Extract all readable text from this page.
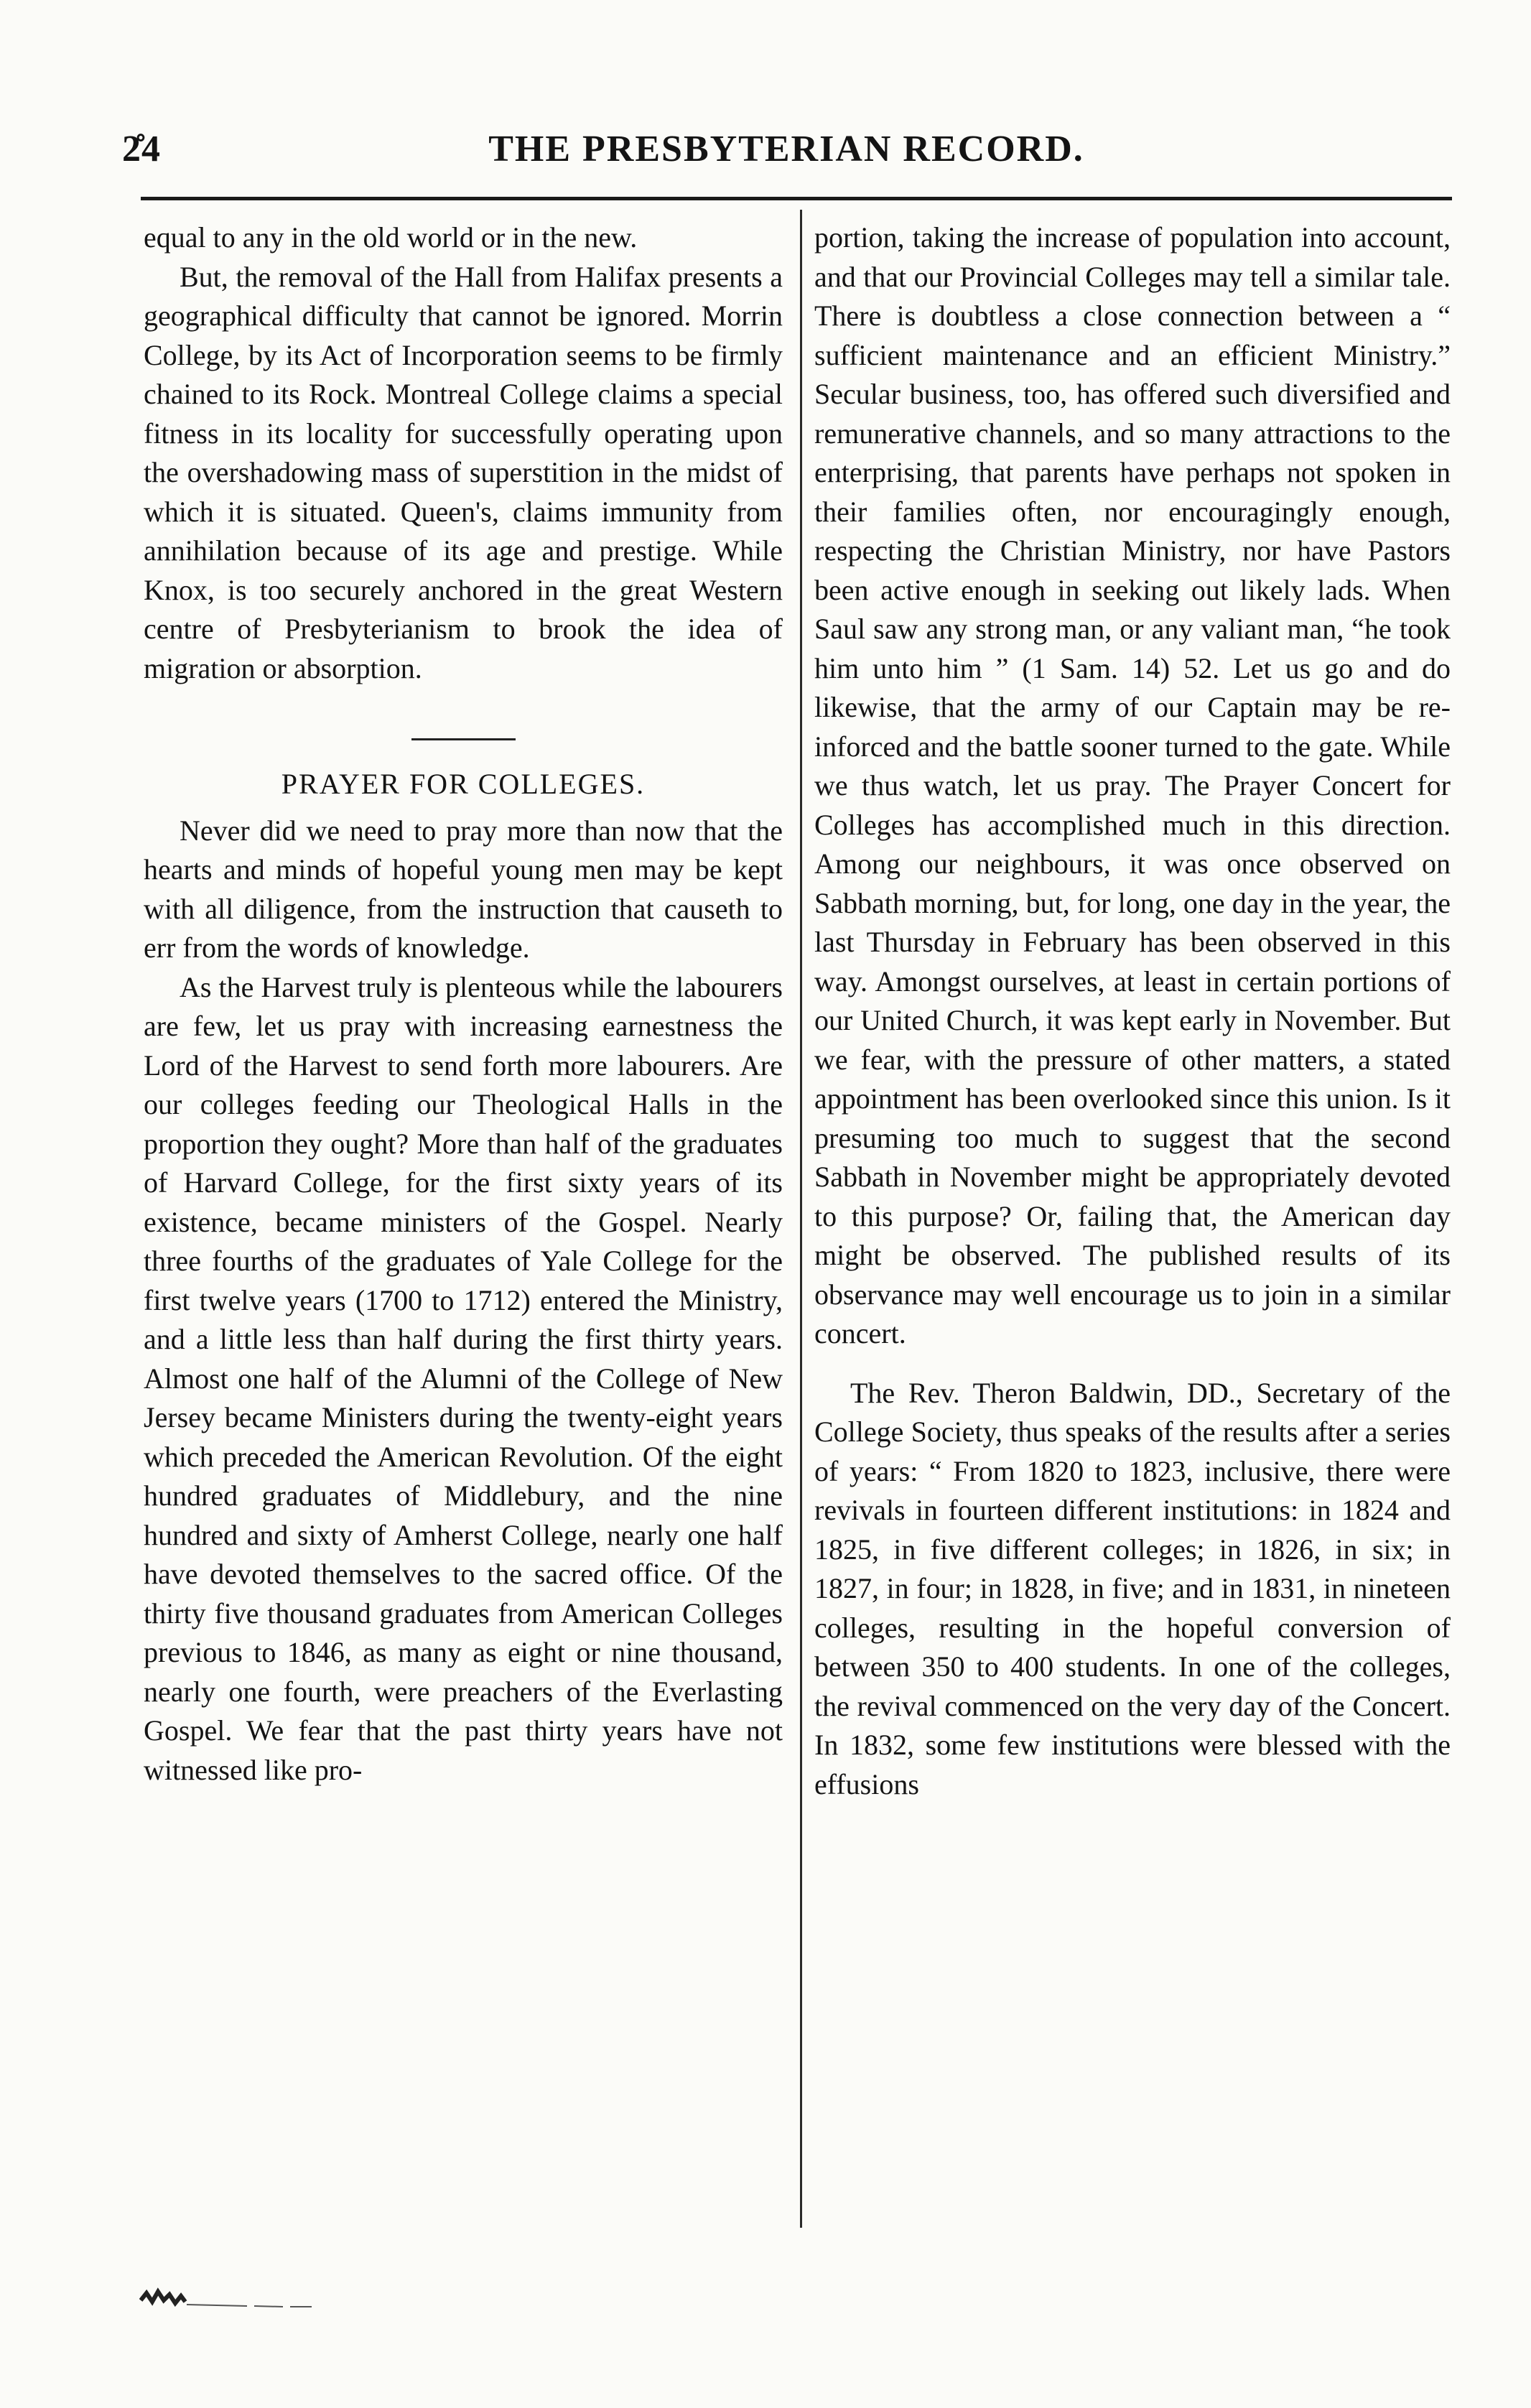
2̊4	THE PRESBYTERIAN RECORD.

equal to any in the old world or in the new.

But, the removal of the Hall from Halifax presents a geographical difficulty that cannot be ignored. Morrin College, by its Act of Incorporation seems to be firmly chained to its Rock. Montreal College claims a special fitness in its locality for successfully operating upon the overshadowing mass of superstition in the midst of which it is situated. Queen's, claims immunity from annihilation because of its age and prestige. While Knox, is too securely anchored in the great Western centre of Presbyterianism to brook the idea of migration or absorption.

PRAYER FOR COLLEGES.

Never did we need to pray more than now that the hearts and minds of hopeful young men may be kept with all diligence, from the instruction that causeth to err from the words of knowledge.

As the Harvest truly is plenteous while the labourers are few, let us pray with increasing earnestness the Lord of the Harvest to send forth more labourers. Are our colleges feeding our Theological Halls in the proportion they ought? More than half of the graduates of Harvard College, for the first sixty years of its existence, became ministers of the Gospel. Nearly three fourths of the graduates of Yale College for the first twelve years (1700 to 1712) entered the Ministry, and a little less than half during the first thirty years. Almost one half of the Alumni of the College of New Jersey became Ministers during the twenty-eight years which preceded the American Revolution. Of the eight hundred graduates of Middlebury, and the nine hundred and sixty of Amherst College, nearly one half have devoted themselves to the sacred office. Of the thirty five thousand graduates from American Colleges previous to 1846, as many as eight or nine thousand, nearly one fourth, were preachers of the Everlasting Gospel. We fear that the past thirty years have not witnessed like pro-

portion, taking the increase of population into account, and that our Provincial Colleges may tell a similar tale. There is doubtless a close connection between a “ sufficient maintenance and an efficient Ministry.” Secular business, too, has offered such diversified and remunerative channels, and so many attractions to the enterprising, that parents have perhaps not spoken in their families often, nor encouragingly enough, respecting the Christian Ministry, nor have Pastors been active enough in seeking out likely lads. When Saul saw any strong man, or any valiant man, “he took him unto him ” (1 Sam. 14) 52. Let us go and do likewise, that the army of our Captain may be re-inforced and the battle sooner turned to the gate. While we thus watch, let us pray. The Prayer Concert for Colleges has accomplished much in this direction. Among our neighbours, it was once observed on Sabbath morning, but, for long, one day in the year, the last Thursday in February has been observed in this way. Amongst ourselves, at least in certain portions of our United Church, it was kept early in November. But we fear, with the pressure of other matters, a stated appointment has been overlooked since this union. Is it presuming too much to suggest that the second Sabbath in November might be appropriately devoted to this purpose? Or, failing that, the American day might be observed. The published results of its observance may well encourage us to join in a similar concert.

The Rev. Theron Baldwin, DD., Secretary of the College Society, thus speaks of the results after a series of years: “ From 1820 to 1823, inclusive, there were revivals in fourteen different institutions: in 1824 and 1825, in five different colleges; in 1826, in six; in 1827, in four; in 1828, in five; and in 1831, in nineteen colleges, resulting in the hopeful conversion of between 350 to 400 students. In one of the colleges, the revival commenced on the very day of the Concert. In 1832, some few institutions were blessed with the effusions
